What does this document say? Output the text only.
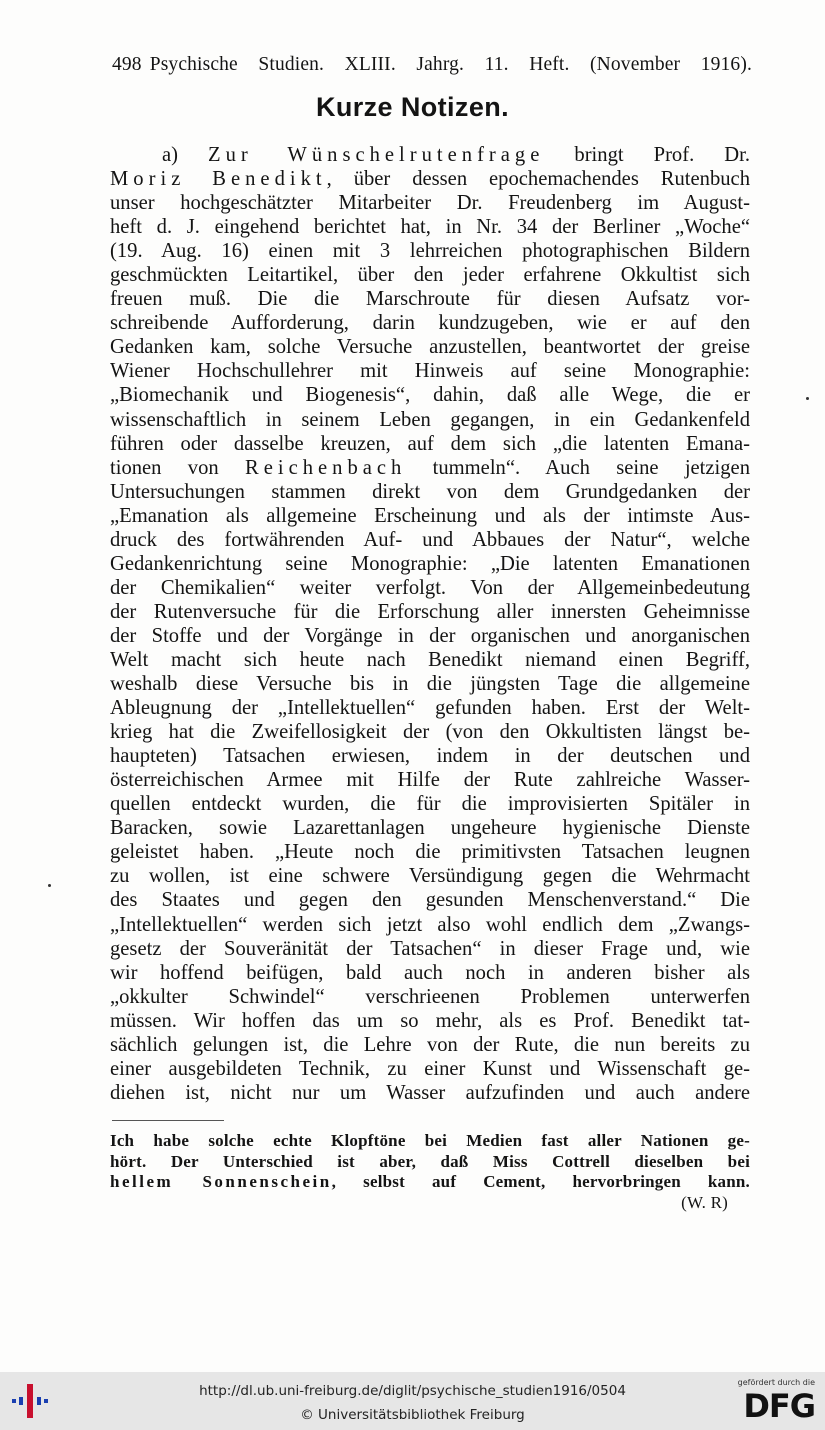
498 Psychische Studien. XLIII. Jahrg. 11. Heft. (November 1916).
Kurze Notizen.
a) Zur Wünschelrutenfrage bringt Prof. Dr.
Moriz Benedikt, über dessen epochemachendes Rutenbuch
unser hochgeschätzter Mitarbeiter Dr. Freudenberg im August-
heft d. J. eingehend berichtet hat, in Nr. 34 der Berliner „Woche“
(19. Aug. 16) einen mit 3 lehrreichen photographischen Bildern
geschmückten Leitartikel, über den jeder erfahrene Okkultist sich
freuen muß. Die die Marschroute für diesen Aufsatz vor-
schreibende Aufforderung, darin kundzugeben, wie er auf den
Gedanken kam, solche Versuche anzustellen, beantwortet der greise
Wiener Hochschullehrer mit Hinweis auf seine Monographie:
„Biomechanik und Biogenesis“, dahin, daß alle Wege, die er
wissenschaftlich in seinem Leben gegangen, in ein Gedankenfeld
führen oder dasselbe kreuzen, auf dem sich „die latenten Emana-
tionen von Reichenbach tummeln“. Auch seine jetzigen
Untersuchungen stammen direkt von dem Grundgedanken der
„Emanation als allgemeine Erscheinung und als der intimste Aus-
druck des fortwährenden Auf- und Abbaues der Natur“, welche
Gedankenrichtung seine Monographie: „Die latenten Emanationen
der Chemikalien“ weiter verfolgt. Von der Allgemeinbedeutung
der Rutenversuche für die Erforschung aller innersten Geheimnisse
der Stoffe und der Vorgänge in der organischen und anorganischen
Welt macht sich heute nach Benedikt niemand einen Begriff,
weshalb diese Versuche bis in die jüngsten Tage die allgemeine
Ableugnung der „Intellektuellen“ gefunden haben. Erst der Welt-
krieg hat die Zweifellosigkeit der (von den Okkultisten längst be-
haupteten) Tatsachen erwiesen, indem in der deutschen und
österreichischen Armee mit Hilfe der Rute zahlreiche Wasser-
quellen entdeckt wurden, die für die improvisierten Spitäler in
Baracken, sowie Lazarettanlagen ungeheure hygienische Dienste
geleistet haben. „Heute noch die primitivsten Tatsachen leugnen
zu wollen, ist eine schwere Versündigung gegen die Wehrmacht
des Staates und gegen den gesunden Menschenverstand.“ Die
„Intellektuellen“ werden sich jetzt also wohl endlich dem „Zwangs-
gesetz der Souveränität der Tatsachen“ in dieser Frage und, wie
wir hoffend beifügen, bald auch noch in anderen bisher als
„okkulter Schwindel“ verschrieenen Problemen unterwerfen
müssen. Wir hoffen das um so mehr, als es Prof. Benedikt tat-
sächlich gelungen ist, die Lehre von der Rute, die nun bereits zu
einer ausgebildeten Technik, zu einer Kunst und Wissenschaft ge-
diehen ist, nicht nur um Wasser aufzufinden und auch andere
Ich habe solche echte Klopftöne bei Medien fast aller Nationen ge-
hört. Der Unterschied ist aber, daß Miss Cottrell dieselben bei
hellem Sonnenschein, selbst auf Cement, hervorbringen kann.
(W. R)
http://dl.ub.uni-freiburg.de/diglit/psychische_studien1916/0504
© Universitätsbibliothek Freiburg
gefördert durch die
DFG
